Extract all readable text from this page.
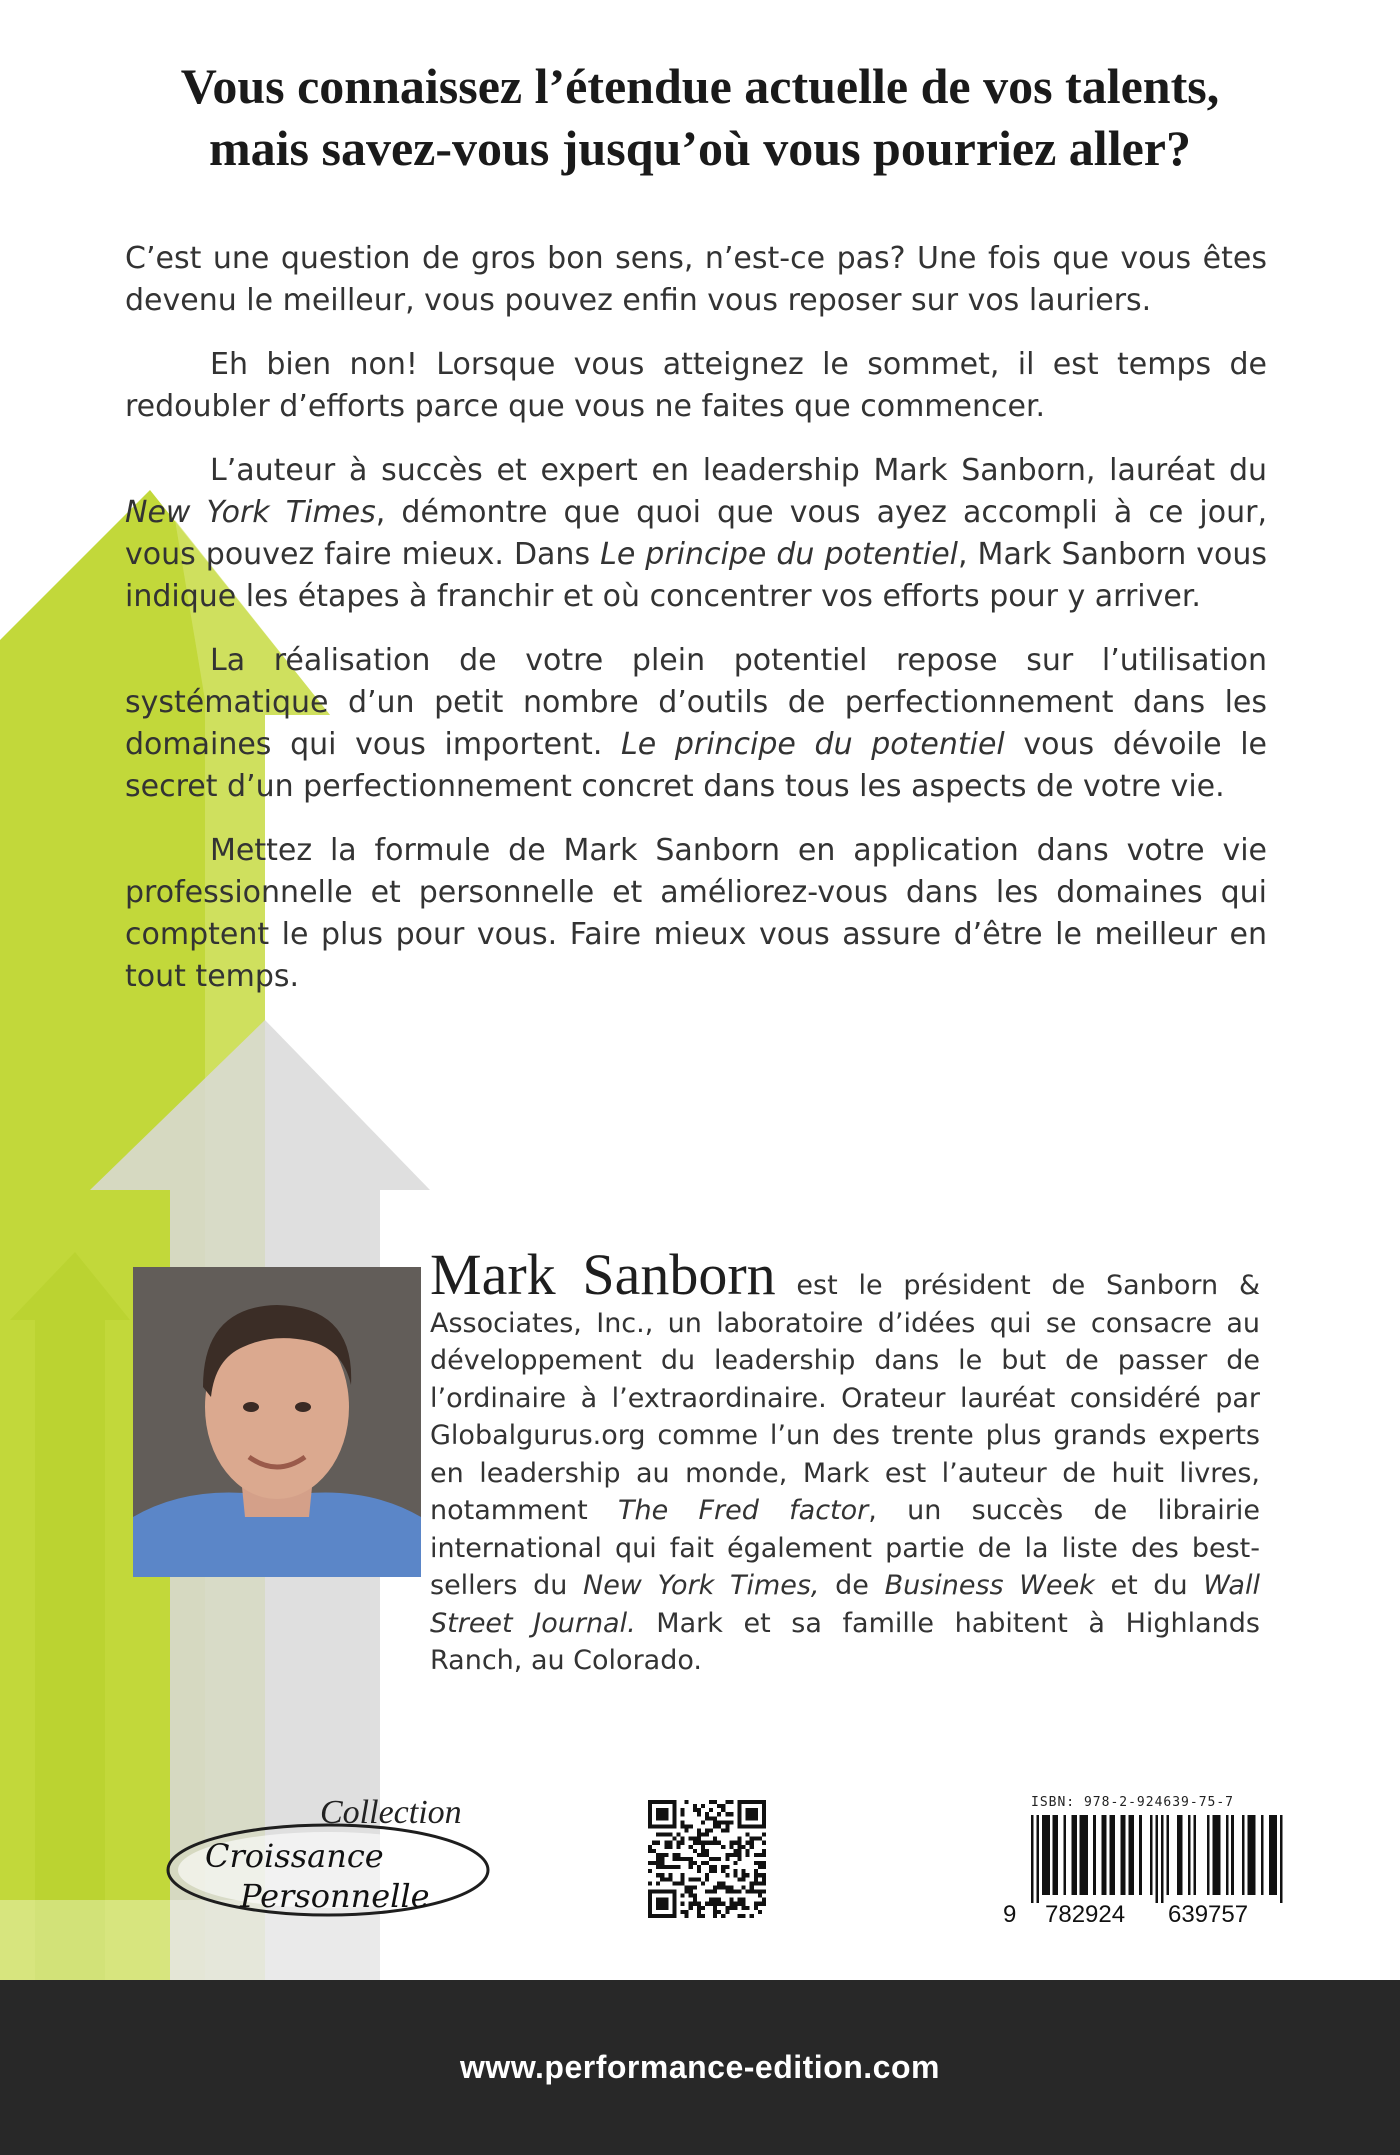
Vous connaissez l’étendue actuelle de vos talents,
mais savez-vous jusqu’où vous pourriez aller?

C’est une question de gros bon sens, n’est-ce pas? Une fois que vous êtes devenu le meilleur, vous pouvez enfin vous reposer sur vos lauriers.

Eh bien non! Lorsque vous atteignez le sommet, il est temps de redoubler d’efforts parce que vous ne faites que commencer.

L’auteur à succès et expert en leadership Mark Sanborn, lauréat du New York Times, démontre que quoi que vous ayez accompli à ce jour, vous pouvez faire mieux. Dans Le principe du potentiel, Mark Sanborn vous indique les étapes à franchir et où concentrer vos efforts pour y arriver.

La réalisation de votre plein potentiel repose sur l’utilisation systématique d’un petit nombre d’outils de perfectionnement dans les domaines qui vous importent. Le principe du potentiel vous dévoile le secret d’un perfectionnement concret dans tous les aspects de votre vie.

Mettez la formule de Mark Sanborn en application dans votre vie professionnelle et personnelle et améliorez-vous dans les domaines qui comptent le plus pour vous. Faire mieux vous assure d’être le meilleur en tout temps.

Mark Sanborn est le président de Sanborn & Associates, Inc., un laboratoire d’idées qui se consacre au développement du leadership dans le but de passer de l’ordinaire à l’extraordinaire. Orateur lauréat considéré par Globalgurus.org comme l’un des trente plus grands experts en leadership au monde, Mark est l’auteur de huit livres, notamment The Fred factor, un succès de librairie international qui fait également partie de la liste des best-sellers du New York Times, de Business Week et du Wall Street Journal. Mark et sa famille habitent à Highlands Ranch, au Colorado.
Collection
Croissance
Personnelle
ISBN: 978-2-924639-75-7
9 782924 639757
www.performance-edition.com
